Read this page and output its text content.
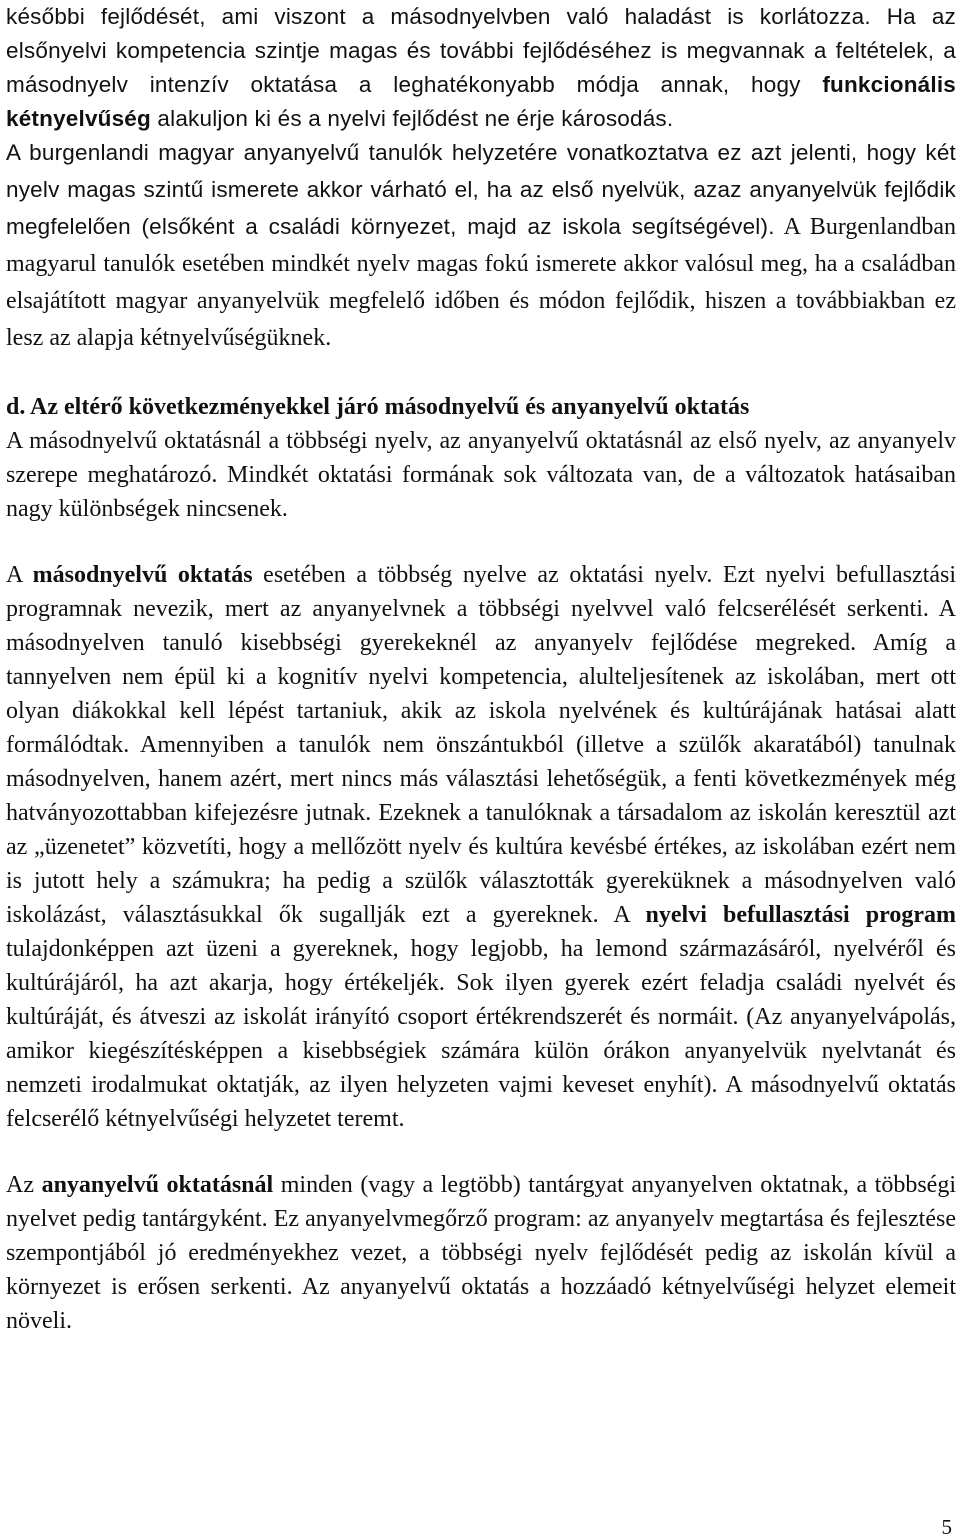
későbbi fejlődését, ami viszont a másodnyelvben való haladást is korlátozza. Ha az elsőnyelvi kompetencia szintje magas és további fejlődéséhez is megvannak a feltételek, a másodnyelv intenzív oktatása a leghatékonyabb módja annak, hogy funkcionális kétnyelvűség alakuljon ki és a nyelvi fejlődést ne érje károsodás.

A burgenlandi magyar anyanyelvű tanulók helyzetére vonatkoztatva ez azt jelenti, hogy két nyelv magas szintű ismerete akkor várható el, ha az első nyelvük, azaz anyanyelvük fejlődik megfelelően (elsőként a családi környezet, majd az iskola segítségével). A Burgenlandban magyarul tanulók esetében mindkét nyelv magas fokú ismerete akkor valósul meg, ha a családban elsajátított magyar anyanyelvük megfelelő időben és módon fejlődik, hiszen a továbbiakban ez lesz az alapja kétnyelvűségüknek.

d. Az eltérő következményekkel járó másodnyelvű és anyanyelvű oktatás

A másodnyelvű oktatásnál a többségi nyelv, az anyanyelvű oktatásnál az első nyelv, az anyanyelv szerepe meghatározó. Mindkét oktatási formának sok változata van, de a változatok hatásaiban nagy különbségek nincsenek.

A másodnyelvű oktatás esetében a többség nyelve az oktatási nyelv. Ezt nyelvi befullasztási programnak nevezik, mert az anyanyelvnek a többségi nyelvvel való felcserélését serkenti. A másodnyelven tanuló kisebbségi gyerekeknél az anyanyelv fejlődése megreked. Amíg a tannyelven nem épül ki a kognitív nyelvi kompetencia, alulteljesítenek az iskolában, mert ott olyan diákokkal kell lépést tartaniuk, akik az iskola nyelvének és kultúrájának hatásai alatt formálódtak. Amennyiben a tanulók nem önszántukból (illetve a szülők akaratából) tanulnak másodnyelven, hanem azért, mert nincs más választási lehetőségük, a fenti következmények még hatványozottabban kifejezésre jutnak. Ezeknek a tanulóknak a társadalom az iskolán keresztül azt az „üzenetet” közvetíti, hogy a mellőzött nyelv és kultúra kevésbé értékes, az iskolában ezért nem is jutott hely a számukra; ha pedig a szülők választották gyereküknek a másodnyelven való iskolázást, választásukkal ők sugallják ezt a gyereknek. A nyelvi befullasztási program tulajdonképpen azt üzeni a gyereknek, hogy legjobb, ha lemond származásáról, nyelvéről és kultúrájáról, ha azt akarja, hogy értékeljék. Sok ilyen gyerek ezért feladja családi nyelvét és kultúráját, és átveszi az iskolát irányító csoport értékrendszerét és normáit. (Az anyanyelvápolás, amikor kiegészítésképpen a kisebbségiek számára külön órákon anyanyelvük nyelvtanát és nemzeti irodalmukat oktatják, az ilyen helyzeten vajmi keveset enyhít). A másodnyelvű oktatás felcserélő kétnyelvűségi helyzetet teremt.

Az anyanyelvű oktatásnál minden (vagy a legtöbb) tantárgyat anyanyelven oktatnak, a többségi nyelvet pedig tantárgyként. Ez anyanyelvmegőrző program: az anyanyelv megtartása és fejlesztése szempontjából jó eredményekhez vezet, a többségi nyelv fejlődését pedig az iskolán kívül a környezet is erősen serkenti. Az anyanyelvű oktatás a hozzáadó kétnyelvűségi helyzet elemeit növeli.

5
